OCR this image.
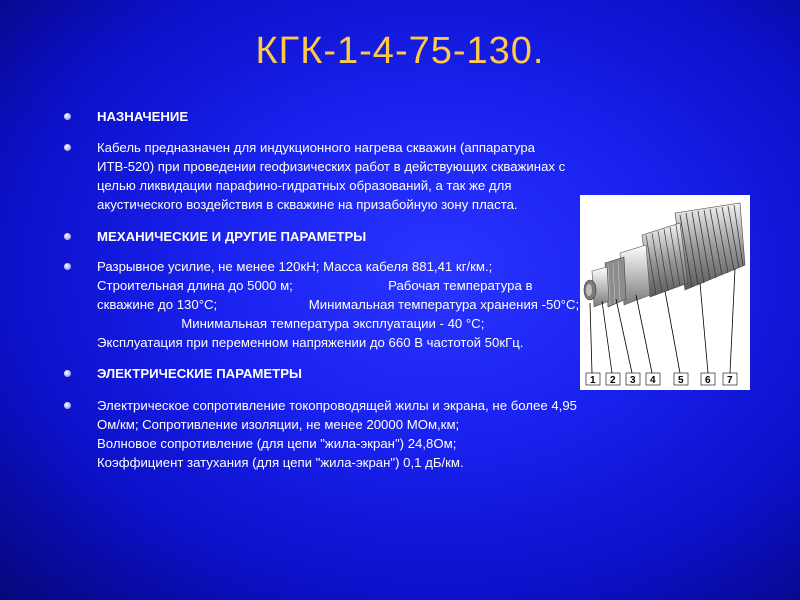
КГК-1-4-75-130.
НАЗНАЧЕНИЕ
Кабель предназначен для индукционного нагрева скважин (аппаратура
ИТВ-520) при проведении геофизических работ в действующих скважинах с
целью ликвидации парафино-гидратных образований, а так же для
акустического воздействия в скважине на призабойную зону пласта.
МЕХАНИЧЕСКИЕ И ДРУГИЕ ПАРАМЕТРЫ
Разрывное усилие, не менее 120кН; Масса кабеля 881,41 кг/км.;
Строительная длина до 5000 м;                          Рабочая температура в
скважине до 130°С;                         Минимальная температура хранения -50°С;
Минимальная температура эксплуатации - 40 °С;
Эксплуатация при переменном напряжении до 660 В частотой 50кГц.
ЭЛЕКТРИЧЕСКИЕ ПАРАМЕТРЫ
Электрическое сопротивление токопроводящей жилы и экрана, не более 4,95
Ом/км; Сопротивление изоляции, не менее 20000 МОм,км;
Волновое сопротивление (для цепи "жила-экран") 24,8Ом;
Коэффициент затухания (для цепи "жила-экран") 0,1 дБ/км.
1 2 3 4 5 6 7
